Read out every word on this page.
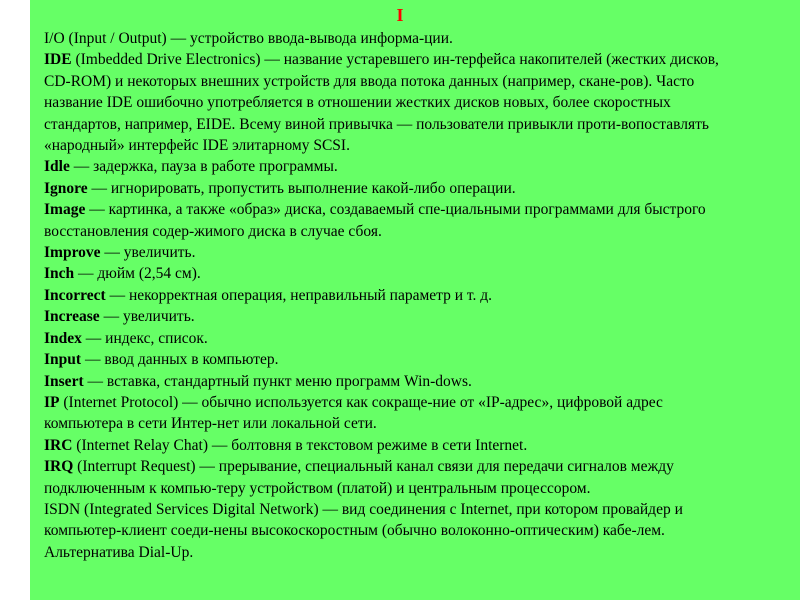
I
I/O (Input / Output) — устройство ввода-вывода информа-ции.
IDE (Imbedded Drive Electronics) — название устаревшего ин-терфейса накопителей (жестких дисков, CD-ROM) и некоторых внешних устройств для ввода потока данных (например, скане-ров). Часто название IDE ошибочно употребляется в отношении жестких дисков новых, более скоростных стандартов, например, EIDE. Всему виной привычка — пользователи привыкли проти-вопоставлять «народный» интерфейс IDE элитарному SCSI.
Idle — задержка, пауза в работе программы.
Ignore — игнорировать, пропустить выполнение какой-либо операции.
Image — картинка, а также «образ» диска, создаваемый спе-циальными программами для быстрого восстановления содер-жимого диска в случае сбоя.
Improve — увеличить.
Inch — дюйм (2,54 см).
Incorrect — некорректная операция, неправильный параметр и т. д.
Increase — увеличить.
Index — индекс, список.
Input — ввод данных в компьютер.
Insert — вставка, стандартный пункт меню программ Win-dows.
IP (Internet Protocol) — обычно используется как сокраще-ние от «IP-адрес», цифровой адрес компьютера в сети Интер-нет или локальной сети.
IRC (Internet Relay Chat) — болтовня в текстовом режиме в сети Internet.
IRQ (Interrupt Request) — прерывание, специальный канал связи для передачи сигналов между подключенным к компью-теру устройством (платой) и центральным процессором.
ISDN (Integrated Services Digital Network) — вид соединения с Internet, при котором провайдер и компьютер-клиент соеди-нены высокоскоростным (обычно волоконно-оптическим) кабе-лем. Альтернатива Dial-Up.
